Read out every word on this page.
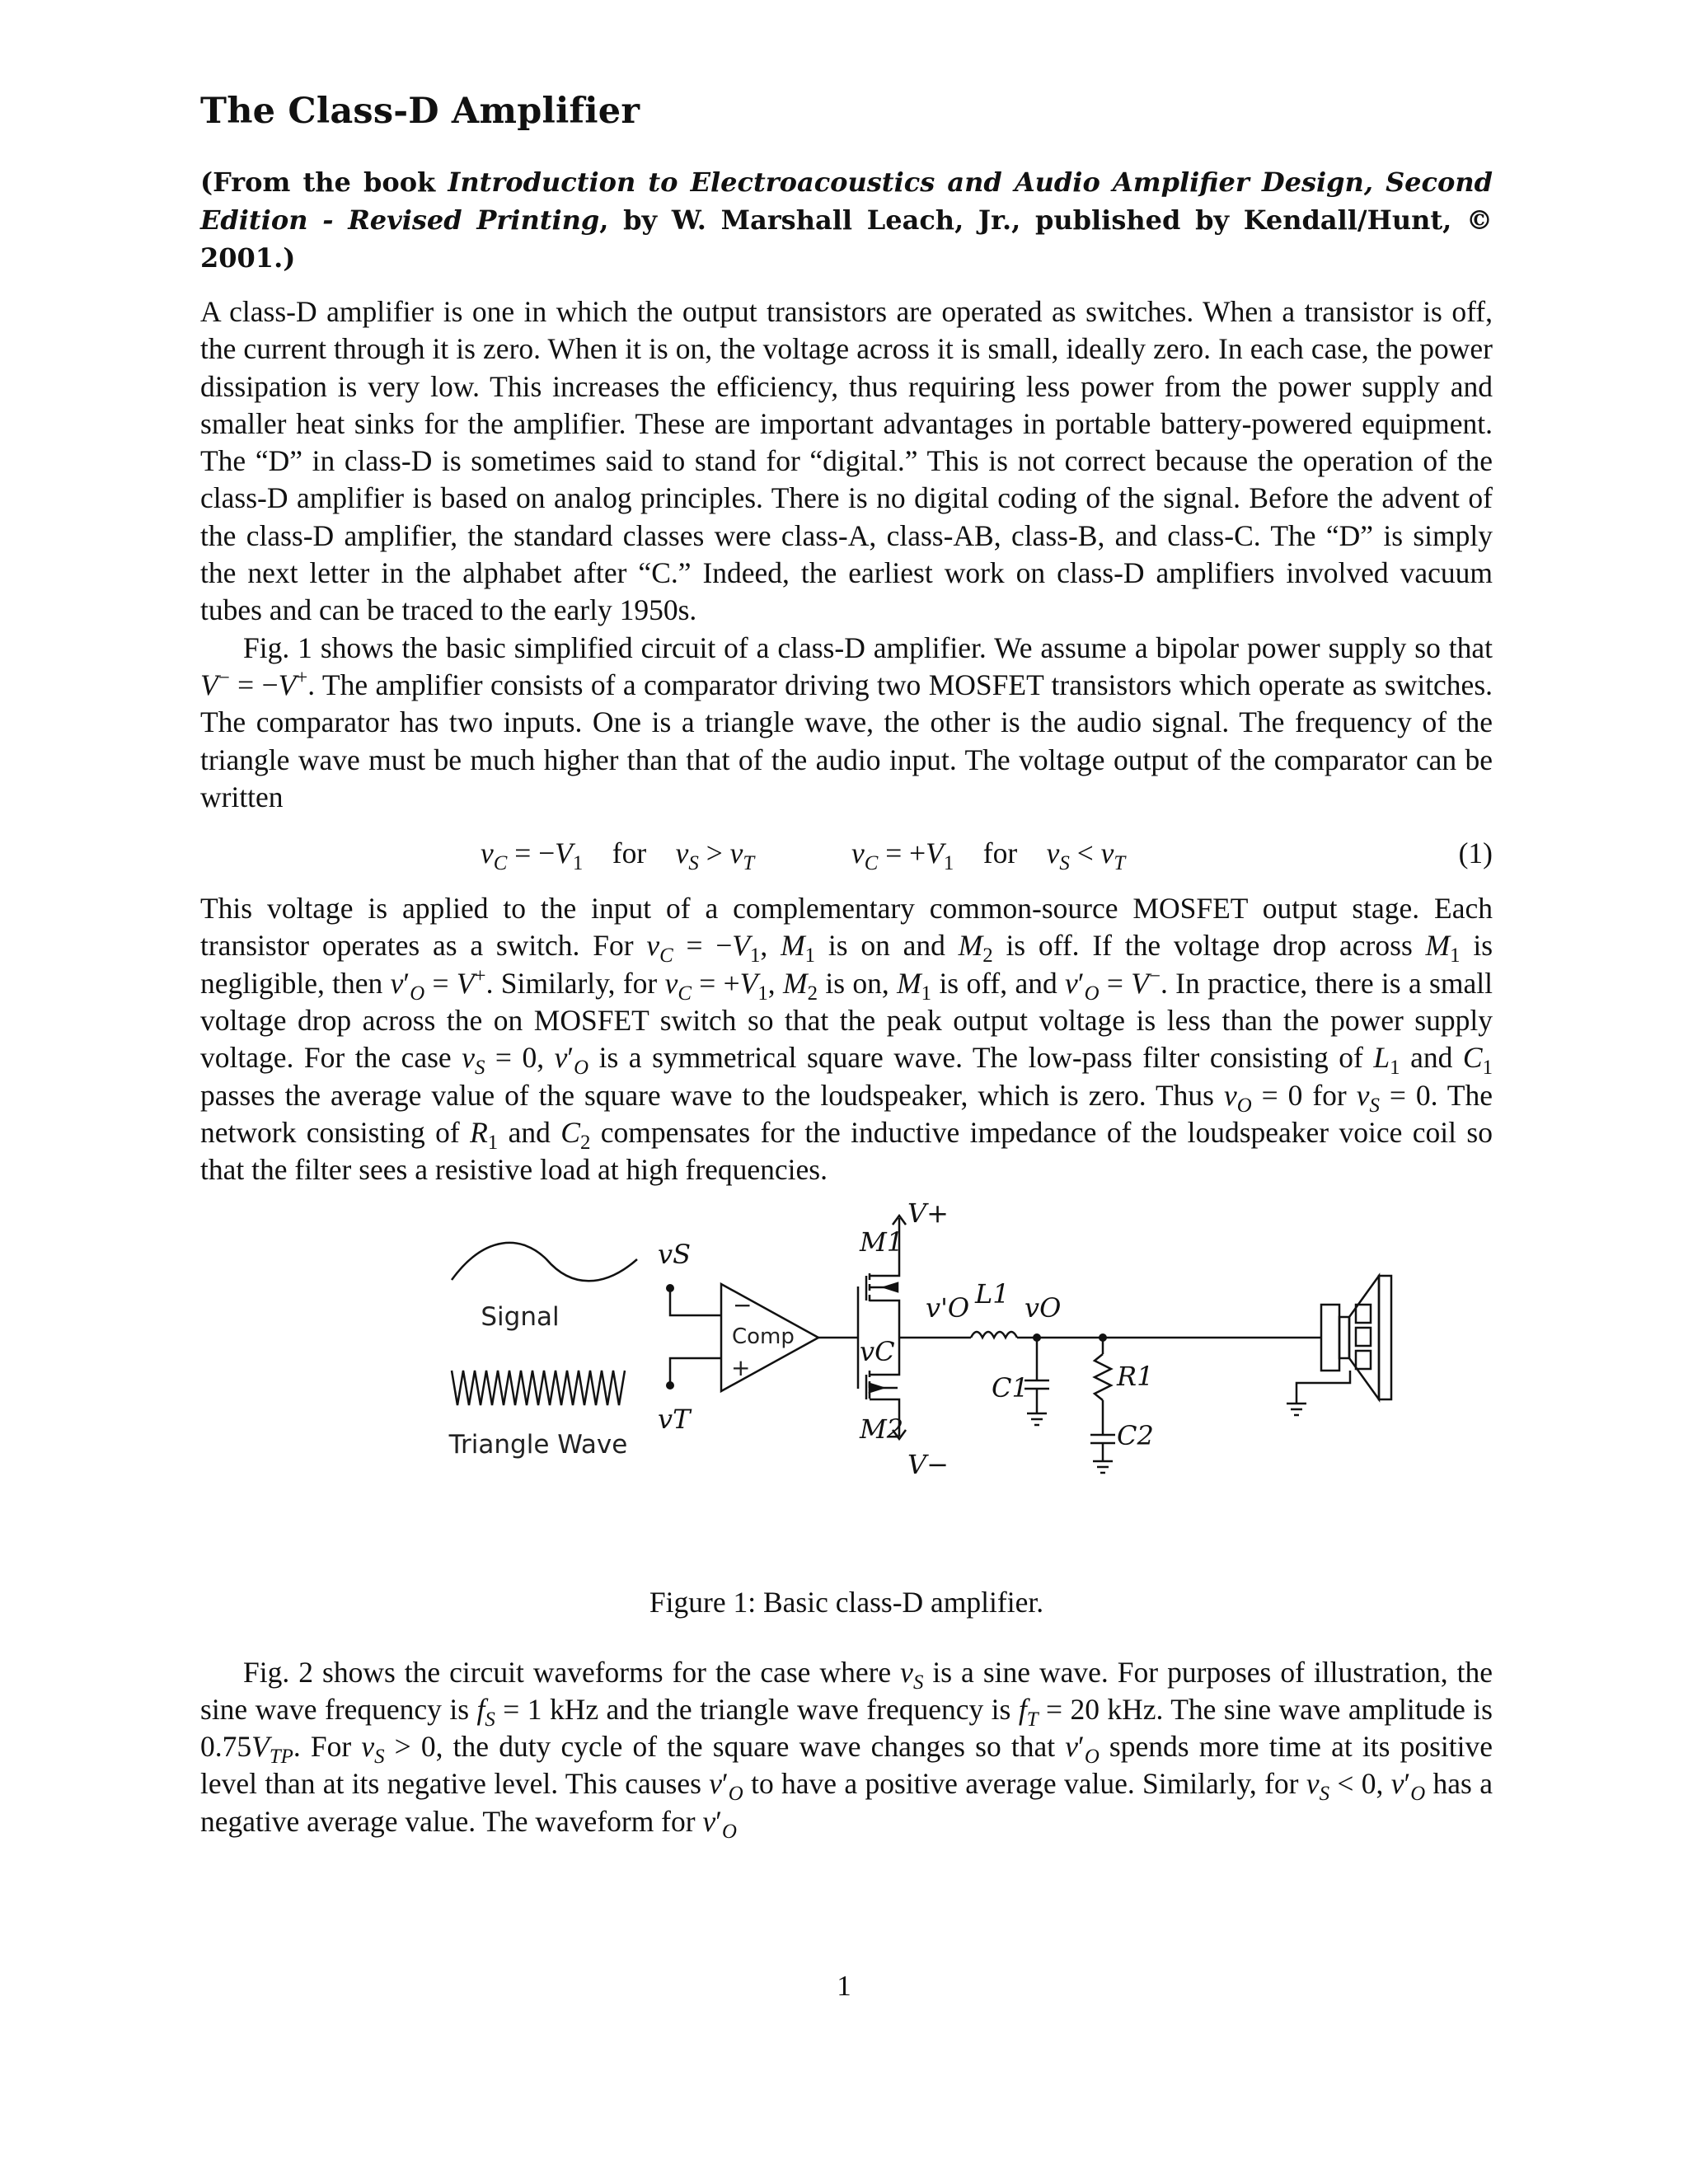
The Class-D Amplifier
(From the book Introduction to Electroacoustics and Audio Amplifier Design, Second Edition - Revised Printing, by W. Marshall Leach, Jr., published by Kendall/Hunt, © 2001.)

A class-D amplifier is one in which the output transistors are operated as switches. When a transistor is off, the current through it is zero. When it is on, the voltage across it is small, ideally zero. In each case, the power dissipation is very low. This increases the efficiency, thus requiring less power from the power supply and smaller heat sinks for the amplifier. These are important advantages in portable battery-powered equipment. The “D” in class-D is sometimes said to stand for “digital.” This is not correct because the operation of the class-D amplifier is based on analog principles. There is no digital coding of the signal. Before the advent of the class-D amplifier, the standard classes were class-A, class-AB, class-B, and class-C. The “D” is simply the next letter in the alphabet after “C.” Indeed, the earliest work on class-D amplifiers involved vacuum tubes and can be traced to the early 1950s.

Fig. 1 shows the basic simplified circuit of a class-D amplifier. We assume a bipolar power supply so that V− = −V+. The amplifier consists of a comparator driving two MOSFET transistors which operate as switches. The comparator has two inputs. One is a triangle wave, the other is the audio signal. The frequency of the triangle wave must be much higher than that of the audio input. The voltage output of the comparator can be written

$v_C = -V_1$    for    $v_S > v_T$	$v_C = +V_1$    for    $v_S < v_T$	(1)

This voltage is applied to the input of a complementary common-source MOSFET output stage. Each transistor operates as a switch. For $v_C = -V_1$, $M_1$ is on and $M_2$ is off. If the voltage drop across $M_1$ is negligible, then $v'_O = V^+$. Similarly, for $v_C = +V_1$, $M_2$ is on, $M_1$ is off, and $v'_O = V^-$. In practice, there is a small voltage drop across the on MOSFET switch so that the peak output voltage is less than the power supply voltage. For the case $v_S = 0$, $v'_O$ is a symmetrical square wave. The low-pass filter consisting of $L_1$ and $C_1$ passes the average value of the square wave to the loudspeaker, which is zero. Thus $v_O = 0$ for $v_S = 0$. The network consisting of $R_1$ and $C_2$ compensates for the inductive impedance of the loudspeaker voice coil so that the filter sees a resistive load at high frequencies.

Signal
Triangle Wave
Comp
−
+
vS
vT
vC
M1
M2
V+
V−
v'O L1 vO
C1	R1
C2
Figure 1: Basic class-D amplifier.

Fig. 2 shows the circuit waveforms for the case where $v_S$ is a sine wave. For purposes of illustration, the sine wave frequency is $f_S = 1$ kHz and the triangle wave frequency is $f_T = 20$ kHz. The sine wave amplitude is $0.75V_{TP}$. For $v_S > 0$, the duty cycle of the square wave changes so that $v'_O$ spends more time at its positive level than at its negative level. This causes $v'_O$ to have a positive average value. Similarly, for $v_S < 0$, $v'_O$ has a negative average value. The waveform for $v'_O$

1
